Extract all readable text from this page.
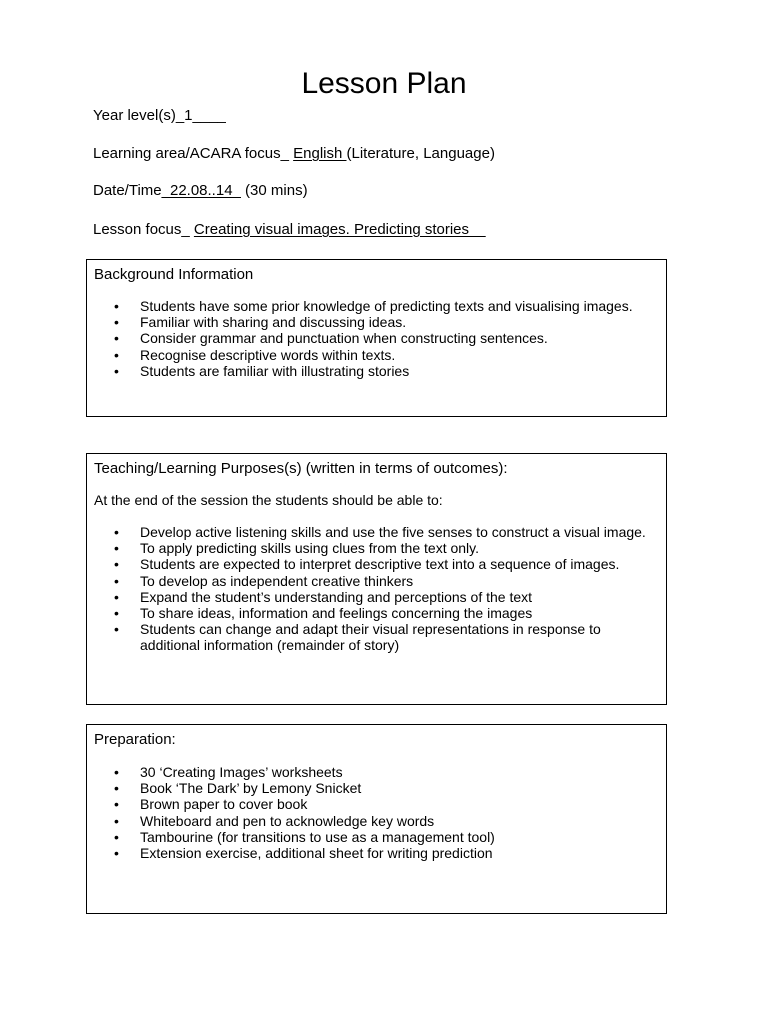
Lesson Plan
Year level(s)_1____
Learning area/ACARA focus_ English (Literature, Language)
Date/Time_22.08..14_ (30 mins)
Lesson focus_ Creating visual images. Predicting stories
Background Information
• Students have some prior knowledge of predicting texts and visualising images.
• Familiar with sharing and discussing ideas.
• Consider grammar and punctuation when constructing sentences.
• Recognise descriptive words within texts.
• Students are familiar with illustrating stories
Teaching/Learning Purposes(s) (written in terms of outcomes):
At the end of the session the students should be able to:
• Develop active listening skills and use the five senses to construct a visual image.
• To apply predicting skills using clues from the text only.
• Students are expected to interpret descriptive text into a sequence of images.
• To develop as independent creative thinkers
• Expand the student’s understanding and perceptions of the text
• To share ideas, information and feelings concerning the images
• Students can change and adapt their visual representations in response to additional information (remainder of story)
Preparation:
• 30 ‘Creating Images’ worksheets
• Book ‘The Dark’ by Lemony Snicket
• Brown paper to cover book
• Whiteboard and pen to acknowledge key words
• Tambourine (for transitions to use as a management tool)
• Extension exercise, additional sheet for writing prediction
